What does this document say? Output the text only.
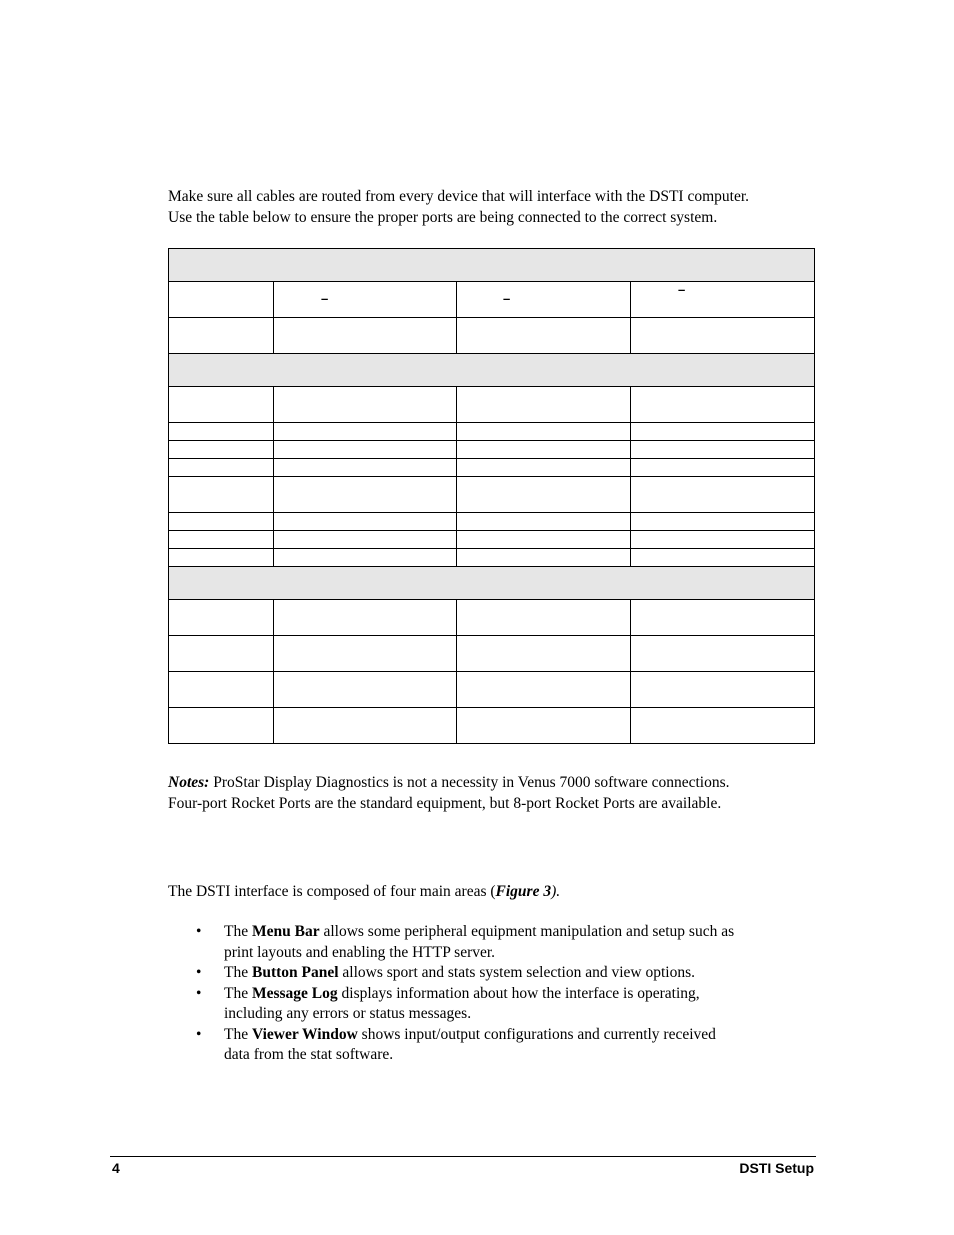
Make sure all cables are routed from every device that will interface with the DSTI computer.
Use the table below to ensure the proper ports are being connected to the correct system.

	–	–	–

Notes: ProStar Display Diagnostics is not a necessity in Venus 7000 software connections.
Four-port Rocket Ports are the standard equipment, but 8-port Rocket Ports are available.

The DSTI interface is composed of four main areas (Figure 3).

• The Menu Bar allows some peripheral equipment manipulation and setup such as
print layouts and enabling the HTTP server.
• The Button Panel allows sport and stats system selection and view options.
• The Message Log displays information about how the interface is operating,
including any errors or status messages.
• The Viewer Window shows input/output configurations and currently received
data from the stat software.
4	DSTI Setup
